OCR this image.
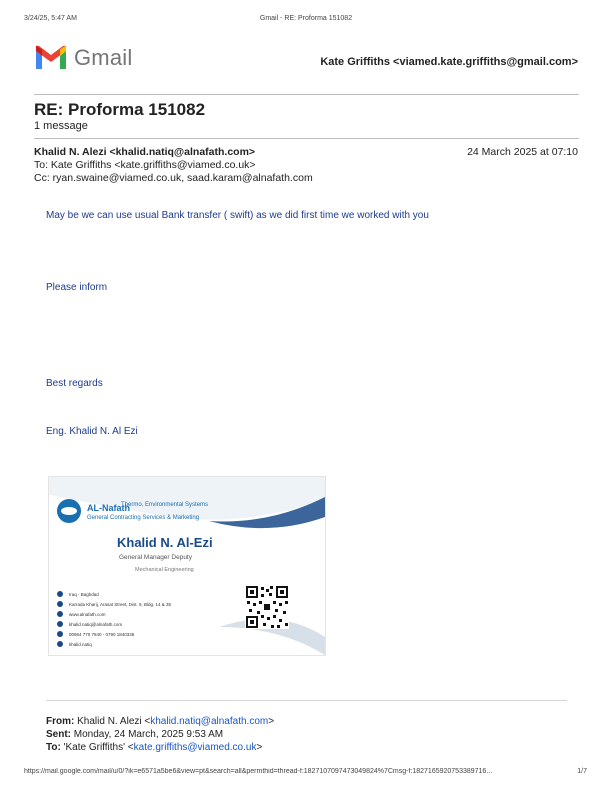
3/24/25, 5:47 AM	Gmail - RE: Proforma 151082
Gmail	Kate Griffiths <viamed.kate.griffiths@gmail.com>
RE: Proforma 151082
1 message
Khalid N. Alezi <khalid.natiq@alnafath.com>	24 March 2025 at 07:10
To: Kate Griffiths <kate.griffiths@viamed.co.uk>
Cc: ryan.swaine@viamed.co.uk, saad.karam@alnafath.com
May be we can use usual Bank transfer ( swift) as we did first time we worked with you
Please inform
Best regards
Eng. Khalid N. Al Ezi
AL-Nafath
Thermo, Environmental Systems
General Contracting Services & Marketing
Khalid N. Al-Ezi
General Manager Deputy
Mechanical Engineering
Iraq - Baghdad
Karrada Kharij, Arasat Street, Dist. 9, Bldg. 14 & 35
www.alnafath.com
khalid.natiq@alnafath.com
00964 770 7840 - 0790 1840336
khalid.natiq
From: Khalid N. Alezi <khalid.natiq@alnafath.com>
Sent: Monday, 24 March, 2025 9:53 AM
To: 'Kate Griffiths' <kate.griffiths@viamed.co.uk>
https://mail.google.com/mail/u/0/?ik=e6571a5be6&view=pt&search=all&permthid=thread-f:1827107097473049824%7Cmsg-f:1827165920753389716...	1/7
